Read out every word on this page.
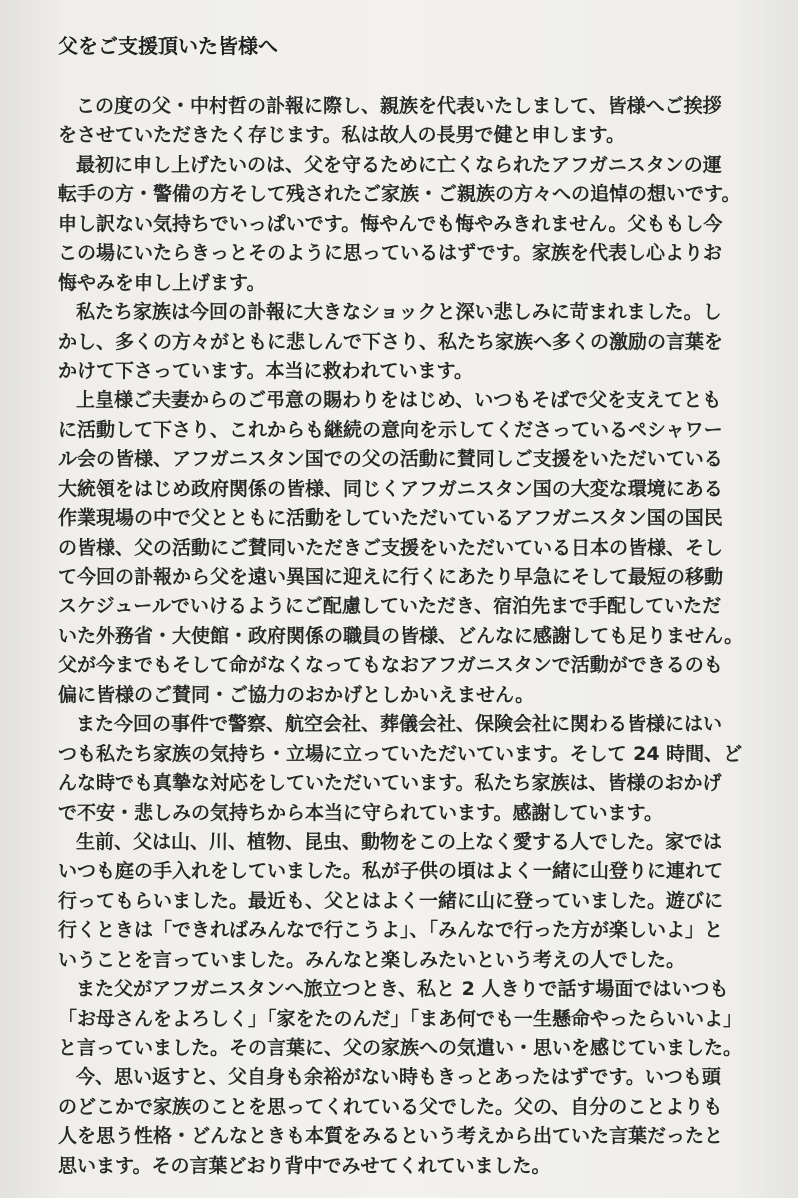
父をご支援頂いた皆様へ
この度の父・中村哲の訃報に際し、親族を代表いたしまして、皆様へご挨拶
をさせていただきたく存じます。私は故人の長男で健と申します。
最初に申し上げたいのは、父を守るために亡くなられたアフガニスタンの運
転手の方・警備の方そして残されたご家族・ご親族の方々への追悼の想いです。
申し訳ない気持ちでいっぱいです。悔やんでも悔やみきれません。父ももし今
この場にいたらきっとそのように思っているはずです。家族を代表し心よりお
悔やみを申し上げます。
私たち家族は今回の訃報に大きなショックと深い悲しみに苛まれました。し
かし、多くの方々がともに悲しんで下さり、私たち家族へ多くの激励の言葉を
かけて下さっています。本当に救われています。
上皇様ご夫妻からのご弔意の賜わりをはじめ、いつもそばで父を支えてとも
に活動して下さり、これからも継続の意向を示してくださっているペシャワー
ル会の皆様、アフガニスタン国での父の活動に賛同しご支援をいただいている
大統領をはじめ政府関係の皆様、同じくアフガニスタン国の大変な環境にある
作業現場の中で父とともに活動をしていただいているアフガニスタン国の国民
の皆様、父の活動にご賛同いただきご支援をいただいている日本の皆様、そし
て今回の訃報から父を遠い異国に迎えに行くにあたり早急にそして最短の移動
スケジュールでいけるようにご配慮していただき、宿泊先まで手配していただ
いた外務省・大使館・政府関係の職員の皆様、どんなに感謝しても足りません。
父が今までもそして命がなくなってもなおアフガニスタンで活動ができるのも
偏に皆様のご賛同・ご協力のおかげとしかいえません。
また今回の事件で警察、航空会社、葬儀会社、保険会社に関わる皆様にはい
つも私たち家族の気持ち・立場に立っていただいています。そして 24 時間、ど
んな時でも真摯な対応をしていただいています。私たち家族は、皆様のおかげ
で不安・悲しみの気持ちから本当に守られています。感謝しています。
生前、父は山、川、植物、昆虫、動物をこの上なく愛する人でした。家では
いつも庭の手入れをしていました。私が子供の頃はよく一緒に山登りに連れて
行ってもらいました。最近も、父とはよく一緒に山に登っていました。遊びに
行くときは「できればみんなで行こうよ」、「みんなで行った方が楽しいよ」と
いうことを言っていました。みんなと楽しみたいという考えの人でした。
また父がアフガニスタンへ旅立つとき、私と 2 人きりで話す場面ではいつも
「お母さんをよろしく」「家をたのんだ」「まあ何でも一生懸命やったらいいよ」
と言っていました。その言葉に、父の家族への気遣い・思いを感じていました。
今、思い返すと、父自身も余裕がない時もきっとあったはずです。いつも頭
のどこかで家族のことを思ってくれている父でした。父の、自分のことよりも
人を思う性格・どんなときも本質をみるという考えから出ていた言葉だったと
思います。その言葉どおり背中でみせてくれていました。
